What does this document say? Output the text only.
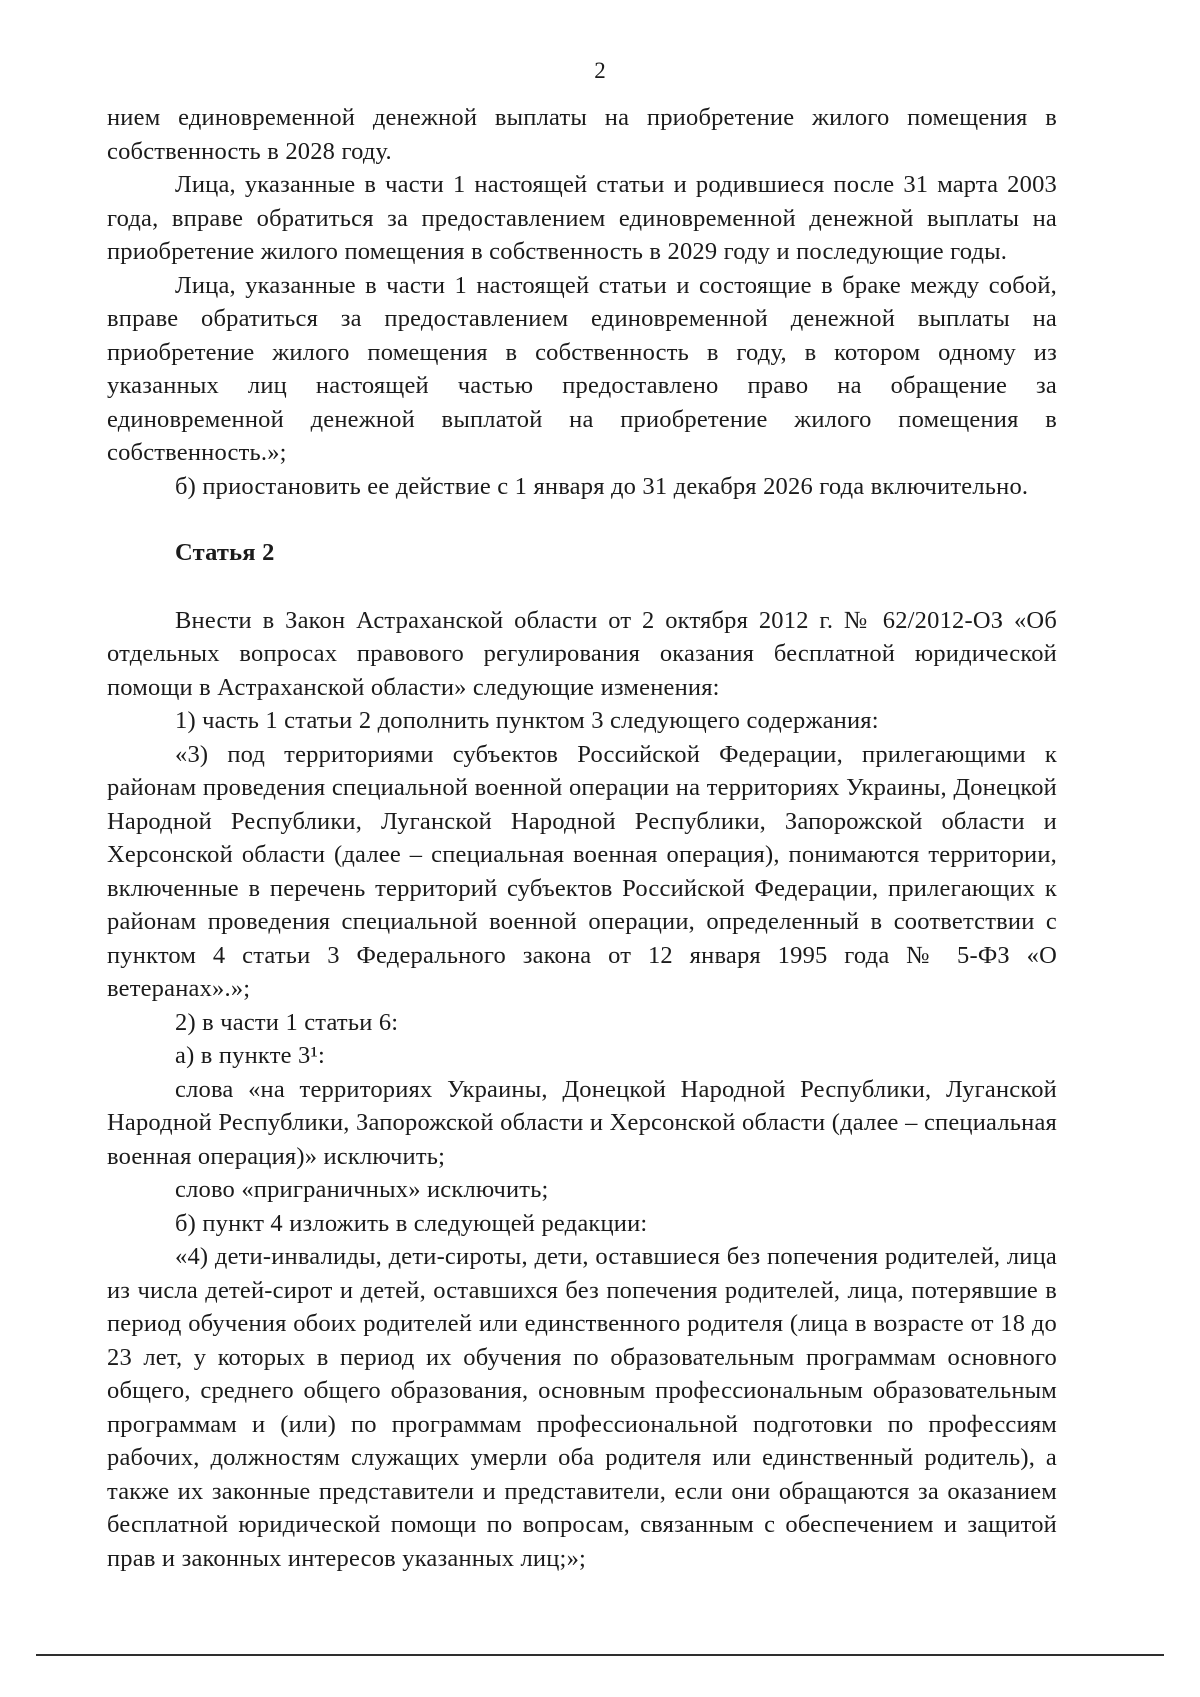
2

нием единовременной денежной выплаты на приобретение жилого помещения в собственность в 2028 году.

Лица, указанные в части 1 настоящей статьи и родившиеся после 31 марта 2003 года, вправе обратиться за предоставлением единовременной денежной выплаты на приобретение жилого помещения в собственность в 2029 году и последующие годы.

Лица, указанные в части 1 настоящей статьи и состоящие в браке между собой, вправе обратиться за предоставлением единовременной денежной выплаты на приобретение жилого помещения в собственность в году, в котором одному из указанных лиц настоящей частью предоставлено право на обращение за единовременной денежной выплатой на приобретение жилого помещения в собственность.»;

б) приостановить ее действие с 1 января до 31 декабря 2026 года включительно.

Статья 2

Внести в Закон Астраханской области от 2 октября 2012 г. № 62/2012-ОЗ «Об отдельных вопросах правового регулирования оказания бесплатной юридической помощи в Астраханской области» следующие изменения:

1) часть 1 статьи 2 дополнить пунктом 3 следующего содержания:

«3) под территориями субъектов Российской Федерации, прилегающими к районам проведения специальной военной операции на территориях Украины, Донецкой Народной Республики, Луганской Народной Республики, Запорожской области и Херсонской области (далее – специальная военная операция), понимаются территории, включенные в перечень территорий субъектов Российской Федерации, прилегающих к районам проведения специальной военной операции, определенный в соответствии с пунктом 4 статьи 3 Федерального закона от 12 января 1995 года № 5-ФЗ «О ветеранах».»;

2) в части 1 статьи 6:

а) в пункте 3¹:

слова «на территориях Украины, Донецкой Народной Республики, Луганской Народной Республики, Запорожской области и Херсонской области (далее – специальная военная операция)» исключить;

слово «приграничных» исключить;

б) пункт 4 изложить в следующей редакции:

«4) дети-инвалиды, дети-сироты, дети, оставшиеся без попечения родителей, лица из числа детей-сирот и детей, оставшихся без попечения родителей, лица, потерявшие в период обучения обоих родителей или единственного родителя (лица в возрасте от 18 до 23 лет, у которых в период их обучения по образовательным программам основного общего, среднего общего образования, основным профессиональным образовательным программам и (или) по программам профессиональной подготовки по профессиям рабочих, должностям служащих умерли оба родителя или единственный родитель), а также их законные представители и представители, если они обращаются за оказанием бесплатной юридической помощи по вопросам, связанным с обеспечением и защитой прав и законных интересов указанных лиц;»;
